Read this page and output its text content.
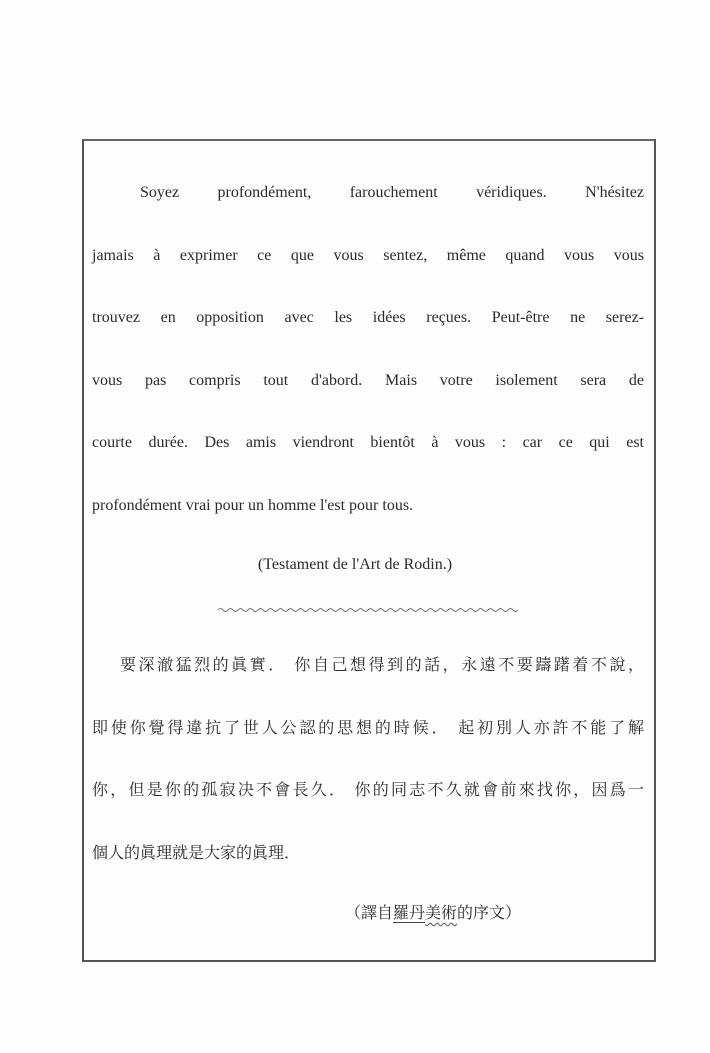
Soyez profondément, farouchement véridiques. N'hésitez
jamais à exprimer ce que vous sentez, même quand vous vous
trouvez en opposition avec les idées reçues. Peut-être ne serez-
vous pas compris tout d'abord. Mais votre isolement sera de
courte durée. Des amis viendront bientôt à vous : car ce qui est
profondément vrai pour un homme l'est pour tous.
(Testament de l'Art de Rodin.)
要深澈猛烈的眞實． 你自己想得到的話，永遠不要躊躇着不說，
即使你覺得違抗了世人公認的思想的時候． 起初別人亦許不能了解
你，但是你的孤寂决不會長久． 你的同志不久就會前來找你，因爲一
個人的眞理就是大家的眞理．
（譯自羅丹美術的序文）
